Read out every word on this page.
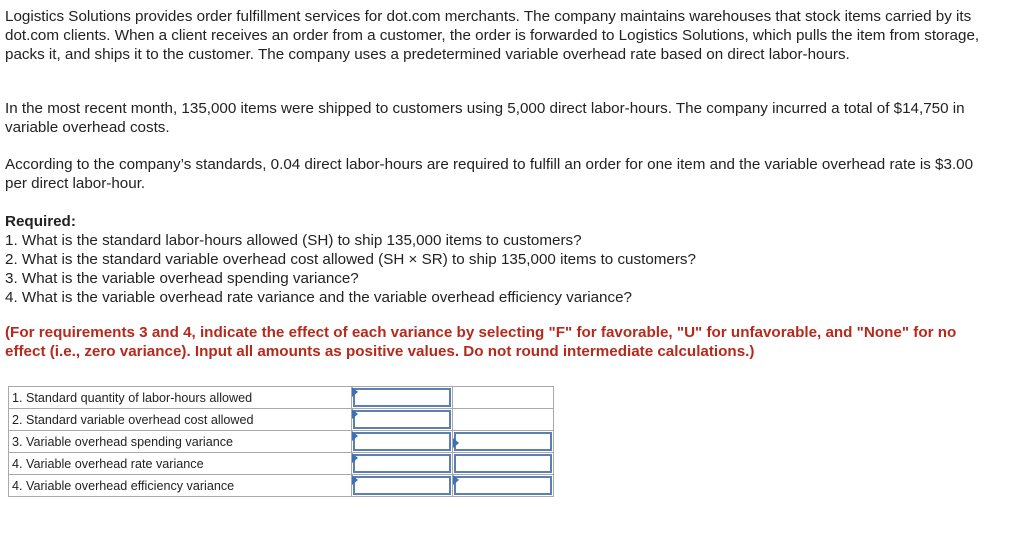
Logistics Solutions provides order fulfillment services for dot.com merchants. The company maintains warehouses that stock items carried by its dot.com clients. When a client receives an order from a customer, the order is forwarded to Logistics Solutions, which pulls the item from storage, packs it, and ships it to the customer. The company uses a predetermined variable overhead rate based on direct labor-hours.

In the most recent month, 135,000 items were shipped to customers using 5,000 direct labor-hours. The company incurred a total of $14,750 in variable overhead costs.

According to the company’s standards, 0.04 direct labor-hours are required to fulfill an order for one item and the variable overhead rate is $3.00 per direct labor-hour.

Required:
1. What is the standard labor-hours allowed (SH) to ship 135,000 items to customers?
2. What is the standard variable overhead cost allowed (SH × SR) to ship 135,000 items to customers?
3. What is the variable overhead spending variance?
4. What is the variable overhead rate variance and the variable overhead efficiency variance?
(For requirements 3 and 4, indicate the effect of each variance by selecting "F" for favorable, "U" for unfavorable, and "None" for no effect (i.e., zero variance). Input all amounts as positive values. Do not round intermediate calculations.)
1. Standard quantity of labor-hours allowed	

2. Standard variable overhead cost allowed	

3. Variable overhead spending variance	

4. Variable overhead rate variance	

4. Variable overhead efficiency variance	
